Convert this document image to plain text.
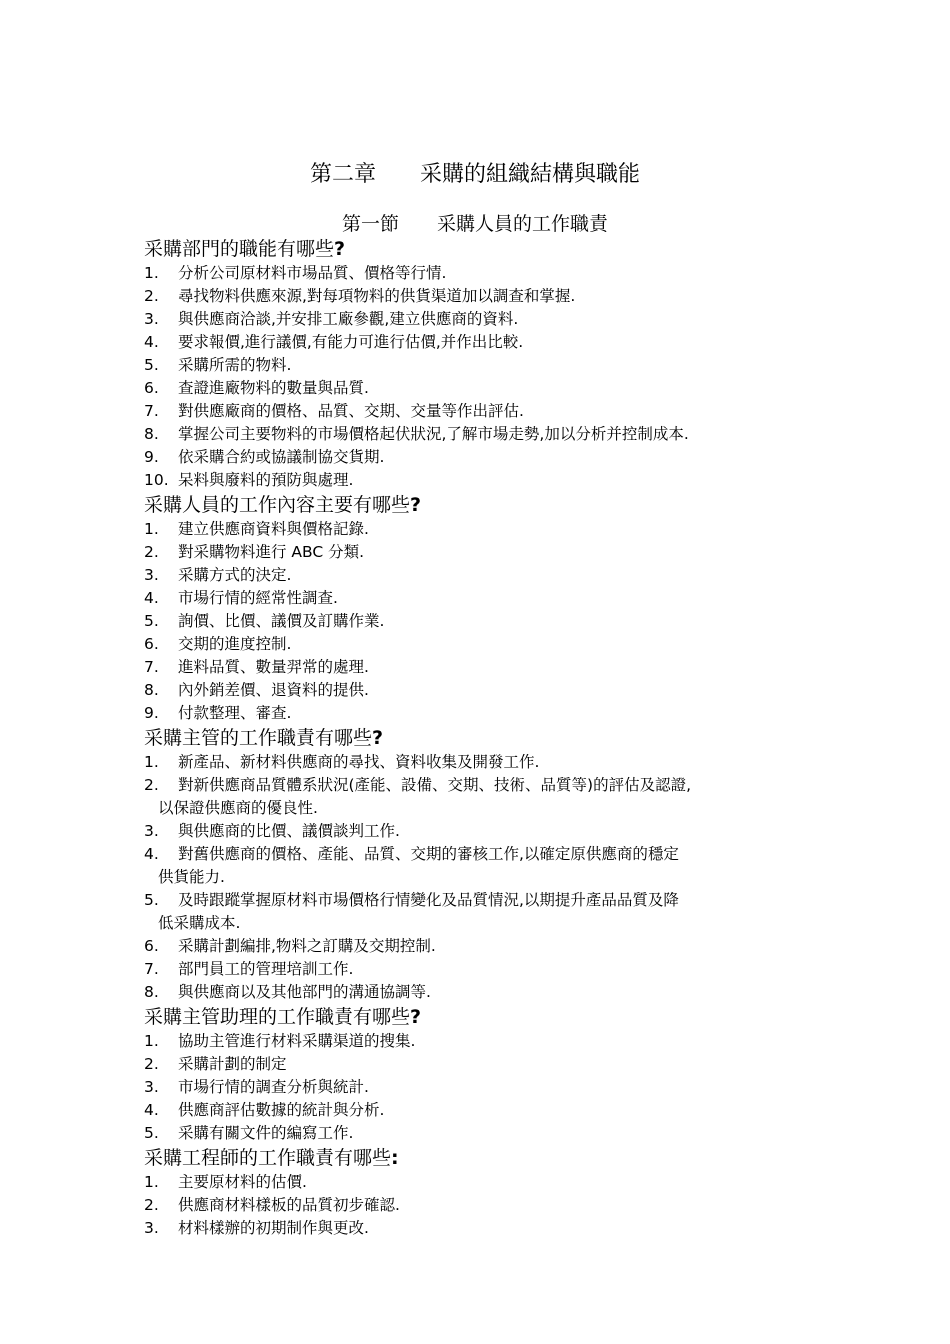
第二章　　采購的組織結構與職能
第一節　　采購人員的工作職責
采購部門的職能有哪些?
1.	分析公司原材料市場品質、價格等行情.
2.	尋找物料供應來源,對每項物料的供貨渠道加以調查和掌握.
3.	與供應商洽談,并安排工廠參觀,建立供應商的資料.
4.	要求報價,進行議價,有能力可進行估價,并作出比較.
5.	采購所需的物料.
6.	查證進廠物料的數量與品質.
7.	對供應廠商的價格、品質、交期、交量等作出評估.
8.	掌握公司主要物料的市場價格起伏狀況,了解市場走勢,加以分析并控制成本.
9.	依采購合約或協議制協交貨期.
10. 呆料與廢料的預防與處理.
采購人員的工作內容主要有哪些?
1.	建立供應商資料與價格記錄.
2.	對采購物料進行 ABC 分類.
3.	采購方式的決定.
4.	市場行情的經常性調查.
5.	詢價、比價、議價及訂購作業.
6.	交期的進度控制.
7.	進料品質、數量羿常的處理.
8.	內外銷差價、退資料的提供.
9.	付款整理、審查.
采購主管的工作職責有哪些?
1.	新產品、新材料供應商的尋找、資料收集及開發工作.
2.	對新供應商品質體系狀況(產能、設備、交期、技術、品質等)的評估及認證,
以保證供應商的優良性.
3.	與供應商的比價、議價談判工作.
4.	對舊供應商的價格、產能、品質、交期的審核工作,以確定原供應商的穩定
供貨能力.
5.	及時跟蹤掌握原材料市場價格行情變化及品質情況,以期提升產品品質及降
低采購成本.
6.	采購計劃編排,物料之訂購及交期控制.
7.	部門員工的管理培訓工作.
8.	與供應商以及其他部門的溝通協調等.
采購主管助理的工作職責有哪些?
1.	協助主管進行材料采購渠道的搜集.
2.	采購計劃的制定
3.	市場行情的調查分析與統計.
4.	供應商評估數據的統計與分析.
5.	采購有關文件的編寫工作.
采購工程師的工作職責有哪些:
1.	主要原材料的估價.
2.	供應商材料樣板的品質初步確認.
3.	材料樣辦的初期制作與更改.
